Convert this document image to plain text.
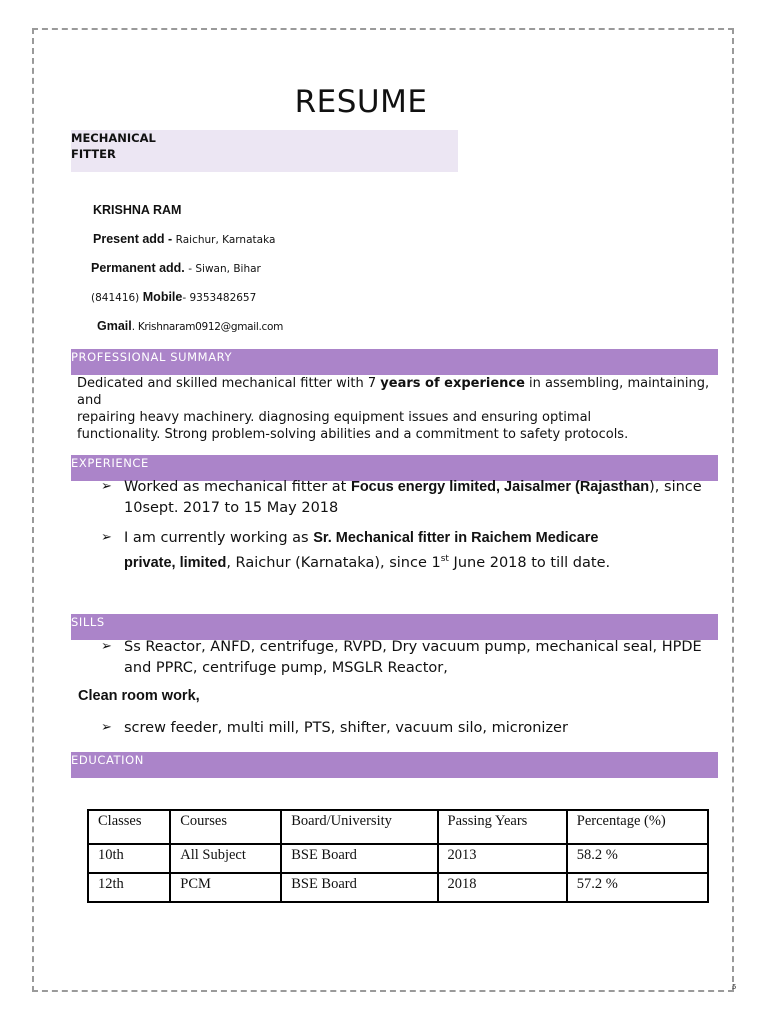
RESUME
MECHANICAL FITTER
KRISHNA RAM
Present add - Raichur, Karnataka
Permanent add. - Siwan, Bihar
(841416) Mobile- 9353482657
Gmail. Krishnaram0912@gmail.com
PROFESSIONAL SUMMARY
Dedicated and skilled mechanical fitter with 7 years of experience in assembling, maintaining,
and
repairing heavy machinery. diagnosing equipment issues and ensuring optimal
functionality. Strong problem-solving abilities and a commitment to safety protocols.
EXPERIENCE
➢ Worked as mechanical fitter at Focus energy limited, Jaisalmer (Rajasthan), since
10sept. 2017 to 15 May 2018
➢ I am currently working as Sr. Mechanical fitter in Raichem Medicare
private, limited, Raichur (Karnataka), since 1st June 2018 to till date.
SILLS
➢ Ss Reactor, ANFD, centrifuge, RVPD, Dry vacuum pump, mechanical seal, HPDE
and PPRC, centrifuge pump, MSGLR Reactor,
Clean room work,
➢ screw feeder, multi mill, PTS, shifter, vacuum silo, micronizer
EDUCATION
Classes	Courses	Board/University	Passing Years	Percentage (%)
10th	All Subject	BSE Board	2013	58.2 %
12th	PCM	BSE Board	2018	57.2 %
5
